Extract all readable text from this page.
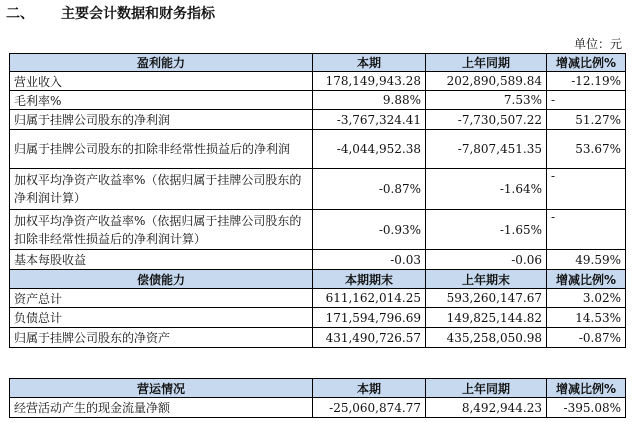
二、 主要会计数据和财务指标
单位：元
盈利能力	本期	上年同期	增减比例%
营业收入	178,149,943.28	202,890,589.84	-12.19%
毛利率%	9.88%	7.53%	-
归属于挂牌公司股东的净利润	-3,767,324.41	-7,730,507.22	51.27%
归属于挂牌公司股东的扣除非经常性损益后的净利润	-4,044,952.38	-7,807,451.35	53.67%
加权平均净资产收益率%（依据归属于挂牌公司股东的净利润计算）	-0.87%	-1.64%	-
加权平均净资产收益率%（依据归属于挂牌公司股东的扣除非经常性损益后的净利润计算）	-0.93%	-1.65%	-
基本每股收益	-0.03	-0.06	49.59%
偿债能力	本期期末	上年期末	增减比例%
资产总计	611,162,014.25	593,260,147.67	3.02%
负债总计	171,594,796.69	149,825,144.82	14.53%
归属于挂牌公司股东的净资产	431,490,726.57	435,258,050.98	-0.87%
营运情况	本期	上年同期	增减比例%
经营活动产生的现金流量净额	-25,060,874.77	8,492,944.23	-395.08%
